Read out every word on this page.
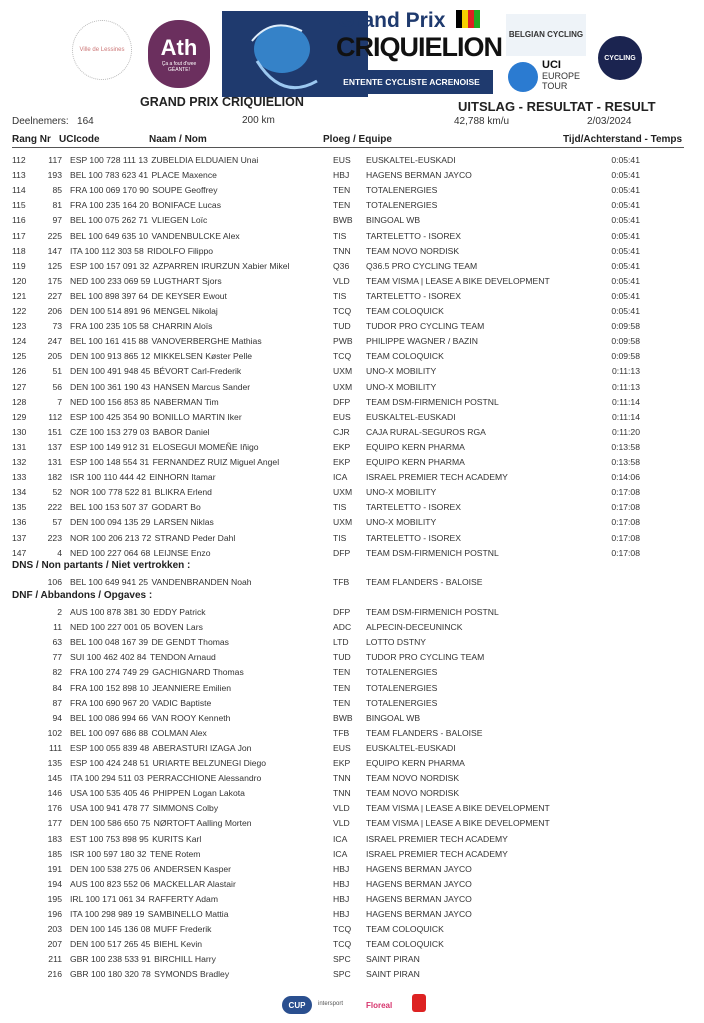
Ville de Lessines Ath
Ça a fout d'wee GÉANTE!
Grand Prix
CRIQUIELION
ENTENTE CYCLISTE ACRENOISE
BELGIAN CYCLING
UCI
EUROPE
TOUR
CYCLING
GRAND PRIX CRIQUIELION	UITSLAG - RESULTAT - RESULT
Deelnemers: 164	200 km	42,788 km/u	2/03/2024
Rang Nr UCIcode	Naam / Nom	Ploeg / Equipe	Tijd/Achterstand - Temps
112	117 ESP 100 728 111 13 ZUBELDIA ELDUAIEN Unai	EUS EUSKALTEL-EUSKADI	0:05:41
113	193 BEL 100 783 623 41 PLACE Maxence	HBJ HAGENS BERMAN JAYCO	0:05:41
114	85 FRA 100 069 170 90 SOUPE Geoffrey	TEN TOTALENERGIES	0:05:41
115	81 FRA 100 235 164 20 BONIFACE Lucas	TEN TOTALENERGIES	0:05:41
116	97 BEL 100 075 262 71 VLIEGEN Loïc	BWB BINGOAL WB	0:05:41
117	225 BEL 100 649 635 10 VANDENBULCKE Alex	TIS TARTELETTO - ISOREX	0:05:41
118	147 ITA 100 112 303 58 RIDOLFO Filippo	TNN TEAM NOVO NORDISK	0:05:41
119	125 ESP 100 157 091 32 AZPARREN IRURZUN Xabier Mikel	Q36 Q36.5 PRO CYCLING TEAM	0:05:41
120	175 NED 100 233 069 59 LUGTHART Sjors	VLD TEAM VISMA | LEASE A BIKE DEVELOPMENT	0:05:41
121	227 BEL 100 898 397 64 DE KEYSER Ewout	TIS TARTELETTO - ISOREX	0:05:41
122	206 DEN 100 514 891 96 MENGEL Nikolaj	TCQ TEAM COLOQUICK	0:05:41
123	73 FRA 100 235 105 58 CHARRIN Aloïs	TUD TUDOR PRO CYCLING TEAM	0:09:58
124	247 BEL 100 161 415 88 VANOVERBERGHE Mathias	PWB PHILIPPE WAGNER / BAZIN	0:09:58
125	205 DEN 100 913 865 12 MIKKELSEN Køster Pelle	TCQ TEAM COLOQUICK	0:09:58
126	51 DEN 100 491 948 45 BÉVORT Carl-Frederik	UXM UNO-X MOBILITY	0:11:13
127	56 DEN 100 361 190 43 HANSEN Marcus Sander	UXM UNO-X MOBILITY	0:11:13
128	7 NED 100 156 853 85 NABERMAN Tim	DFP TEAM DSM-FIRMENICH POSTNL	0:11:14
129	112 ESP 100 425 354 90 BONILLO MARTIN Iker	EUS EUSKALTEL-EUSKADI	0:11:14
130	151 CZE 100 153 279 03 BABOR Daniel	CJR CAJA RURAL-SEGUROS RGA	0:11:20
131	137 ESP 100 149 912 31 ELOSEGUI MOMEÑE Iñigo	EKP EQUIPO KERN PHARMA	0:13:58
132	131 ESP 100 148 554 31 FERNANDEZ RUIZ Miguel Angel	EKP EQUIPO KERN PHARMA	0:13:58
133	182 ISR 100 110 444 42 EINHORN Itamar	ICA ISRAEL PREMIER TECH ACADEMY	0:14:06
134	52 NOR 100 778 522 81 BLIKRA Erlend	UXM UNO-X MOBILITY	0:17:08
135	222 BEL 100 153 507 37 GODART Bo	TIS TARTELETTO - ISOREX	0:17:08
136	57 DEN 100 094 135 29 LARSEN Niklas	UXM UNO-X MOBILITY	0:17:08
137	223 NOR 100 206 213 72 STRAND Peder Dahl	TIS TARTELETTO - ISOREX	0:17:08
147	4 NED 100 227 064 68 LEIJNSE Enzo	DFP TEAM DSM-FIRMENICH POSTNL	0:17:08
106 BEL 100 649 941 25 VANDENBRANDEN Noah	TFB TEAM FLANDERS - BALOISE
2 AUS 100 878 381 30 EDDY Patrick	DFP TEAM DSM-FIRMENICH POSTNL
11 NED 100 227 001 05 BOVEN Lars	ADC ALPECIN-DECEUNINCK
63 BEL 100 048 167 39 DE GENDT Thomas	LTD LOTTO DSTNY
77 SUI 100 462 402 84 TENDON Arnaud	TUD TUDOR PRO CYCLING TEAM
82 FRA 100 274 749 29 GACHIGNARD Thomas	TEN TOTALENERGIES
84 FRA 100 152 898 10 JEANNIERE Emilien	TEN TOTALENERGIES
87 FRA 100 690 967 20 VADIC Baptiste	TEN TOTALENERGIES
94 BEL 100 086 994 66 VAN ROOY Kenneth	BWB BINGOAL WB
102 BEL 100 097 686 88 COLMAN Alex	TFB TEAM FLANDERS - BALOISE
111 ESP 100 055 839 48 ABERASTURI IZAGA Jon	EUS EUSKALTEL-EUSKADI
135 ESP 100 424 248 51 URIARTE BELZUNEGI Diego	EKP EQUIPO KERN PHARMA
145 ITA 100 294 511 03 PERRACCHIONE Alessandro	TNN TEAM NOVO NORDISK
146 USA 100 535 405 46 PHIPPEN Logan Lakota	TNN TEAM NOVO NORDISK
176 USA 100 941 478 77 SIMMONS Colby	VLD TEAM VISMA | LEASE A BIKE DEVELOPMENT
177 DEN 100 586 650 75 NØRTOFT Aalling Morten	VLD TEAM VISMA | LEASE A BIKE DEVELOPMENT
183 EST 100 753 898 95 KURITS Karl	ICA ISRAEL PREMIER TECH ACADEMY
185 ISR 100 597 180 32 TENE Rotem	ICA ISRAEL PREMIER TECH ACADEMY
191 DEN 100 538 275 06 ANDERSEN Kasper	HBJ HAGENS BERMAN JAYCO
194 AUS 100 823 552 06 MACKELLAR Alastair	HBJ HAGENS BERMAN JAYCO
195 IRL 100 171 061 34 RAFFERTY Adam	HBJ HAGENS BERMAN JAYCO
196 ITA 100 298 989 19 SAMBINELLO Mattia	HBJ HAGENS BERMAN JAYCO
203 DEN 100 145 136 08 MUFF Frederik	TCQ TEAM COLOQUICK
207 DEN 100 517 265 45 BIEHL Kevin	TCQ TEAM COLOQUICK
211 GBR 100 238 533 91 BIRCHILL Harry	SPC SAINT PIRAN
216 GBR 100 180 320 78 SYMONDS Bradley	SPC SAINT PIRAN
DNS / Non partants / Niet vertrokken :
DNF / Abbandons / Opgaves :
CUP intersport	Floreal
